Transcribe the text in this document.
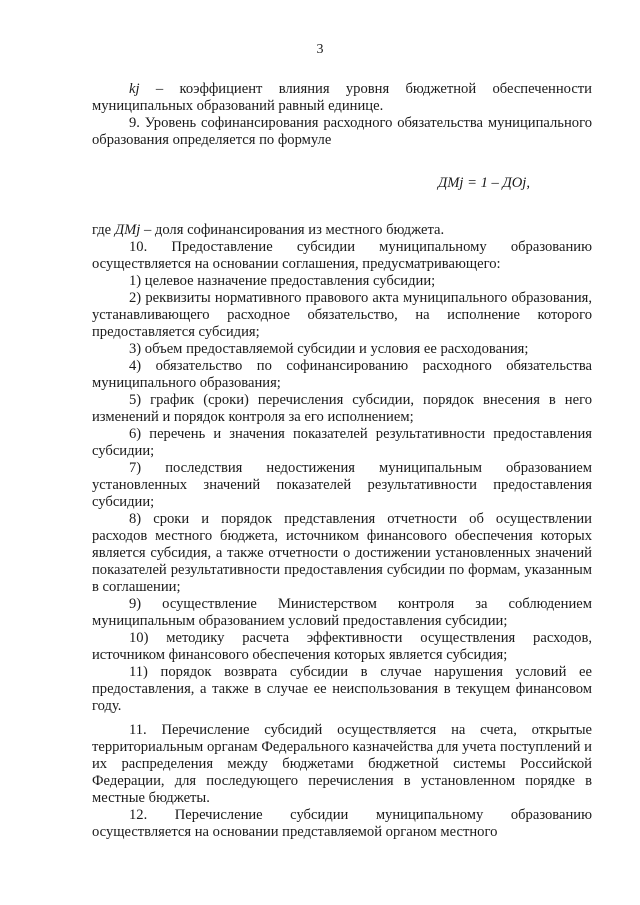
3

kj – коэффициент влияния уровня бюджетной обеспеченности муниципальных образований равный единице.

9. Уровень софинансирования расходного обязательства муниципального образования определяется по формуле

ДМj = 1 – ДОj,

где ДМj – доля софинансирования из местного бюджета.

10. Предоставление субсидии муниципальному образованию осуществляется на основании соглашения, предусматривающего:

1) целевое назначение предоставления субсидии;

2) реквизиты нормативного правового акта муниципального образования, устанавливающего расходное обязательство, на исполнение которого предоставляется субсидия;

3) объем предоставляемой субсидии и условия ее расходования;

4) обязательство по софинансированию расходного обязательства муниципального образования;

5) график (сроки) перечисления субсидии, порядок внесения в него изменений и порядок контроля за его исполнением;

6) перечень и значения показателей результативности предоставления субсидии;

7) последствия недостижения муниципальным образованием установленных значений показателей результативности предоставления субсидии;

8) сроки и порядок представления отчетности об осуществлении расходов местного бюджета, источником финансового обеспечения которых является субсидия, а также отчетности о достижении установленных значений показателей результативности предоставления субсидии по формам, указанным в соглашении;

9) осуществление Министерством контроля за соблюдением муниципальным образованием условий предоставления субсидии;

10) методику расчета эффективности осуществления расходов, источником финансового обеспечения которых является субсидия;

11) порядок возврата субсидии в случае нарушения условий ее предоставления, а также в случае ее неиспользования в текущем финансовом году.

11. Перечисление субсидий осуществляется на счета, открытые территориальным органам Федерального казначейства для учета поступлений и их распределения между бюджетами бюджетной системы Российской Федерации, для последующего перечисления в установленном порядке в местные бюджеты.

12. Перечисление субсидии муниципальному образованию осуществляется на основании представляемой органом местного
